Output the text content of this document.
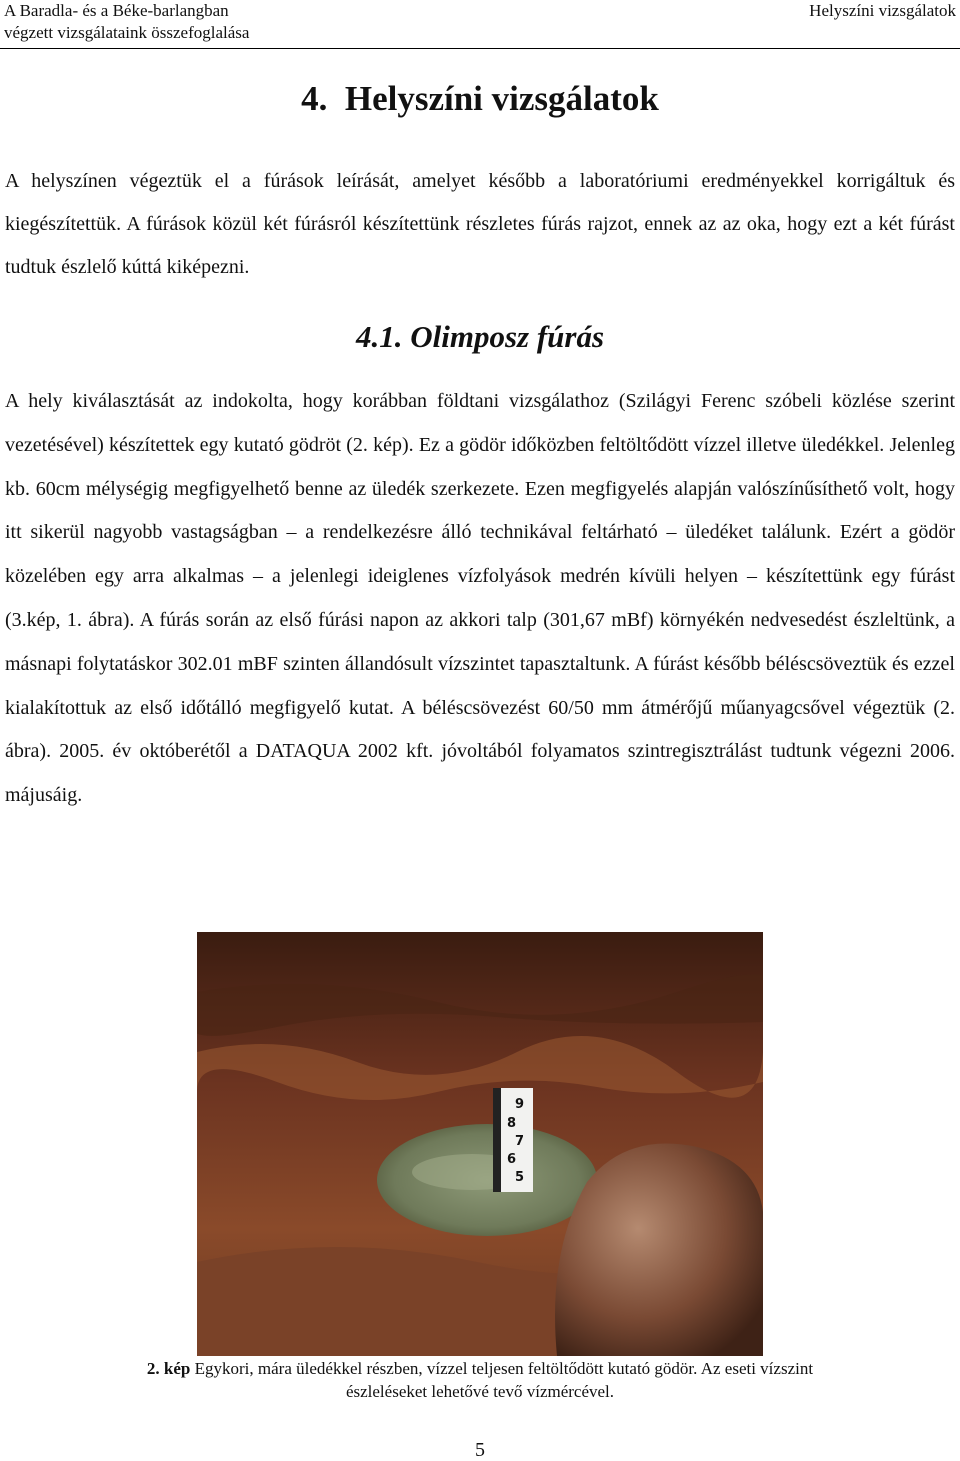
A Baradla- és a Béke-barlangban
végzett vizsgálataink összefoglalása
Helyszíni vizsgálatok
4.  Helyszíni vizsgálatok

A helyszínen végeztük el a fúrások leírását, amelyet később a laboratóriumi eredményekkel korrigáltuk és kiegészítettük. A fúrások közül két fúrásról készítettünk részletes fúrás rajzot, ennek az az oka, hogy ezt a két fúrást tudtuk észlelő kúttá kiképezni.

4.1. Olimposz fúrás

A hely kiválasztását az indokolta, hogy korábban földtani vizsgálathoz (Szilágyi Ferenc szóbeli közlése szerint vezetésével) készítettek egy kutató gödröt (2. kép). Ez a gödör időközben feltöltődött vízzel illetve üledékkel. Jelenleg kb. 60cm mélységig megfigyelhető benne az üledék szerkezete. Ezen megfigyelés alapján valószínűsíthető volt, hogy itt sikerül nagyobb vastagságban – a rendelkezésre álló technikával feltárható – üledéket találunk. Ezért a gödör közelében egy arra alkalmas – a jelenlegi ideiglenes vízfolyások medrén kívüli helyen – készítettünk egy fúrást (3.kép, 1. ábra). A fúrás során az első fúrási napon az akkori talp (301,67 mBf) környékén nedvesedést észleltünk, a másnapi folytatáskor 302.01 mBF szinten állandósult vízszintet tapasztaltunk. A fúrást később béléscsöveztük és ezzel kialakítottuk az első időtálló megfigyelő kutat. A béléscsövezést 60/50 mm átmérőjű műanyagcsővel végeztük (2. ábra). 2005. év októberétől a DATAQUA 2002 kft. jóvoltából folyamatos szintregisztrálást tudtunk végezni 2006. májusáig.

9
8
7
6
5
2. kép Egykori, mára üledékkel részben, vízzel teljesen feltöltődött kutató gödör. Az eseti vízszint észleléseket lehetővé tevő vízmércével.
5
